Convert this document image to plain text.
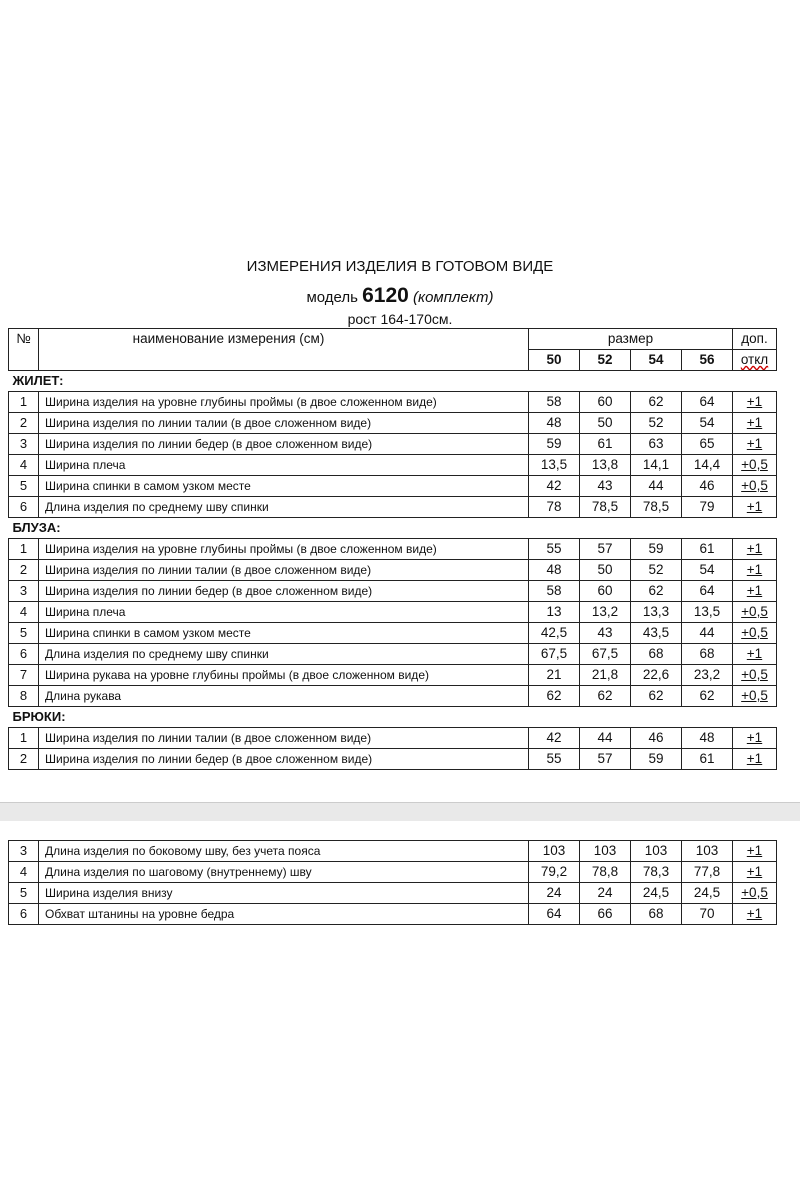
ИЗМЕРЕНИЯ ИЗДЕЛИЯ В ГОТОВОМ ВИДЕ
модель 6120 (комплект)
рост 164-170см.
№	наименование измерения (см)	размер				доп.
		50	52	54	56	откл
ЖИЛЕТ:						
1	Ширина изделия на уровне глубины проймы (в двое сложенном виде)	58	60	62	64	+1
2	Ширина изделия по линии талии (в двое сложенном виде)	48	50	52	54	+1
3	Ширина изделия по линии бедер (в двое сложенном виде)	59	61	63	65	+1
4	Ширина плеча	13,5	13,8	14,1	14,4	+0,5
5	Ширина спинки в самом узком месте	42	43	44	46	+0,5
6	Длина изделия по среднему шву спинки	78	78,5	78,5	79	+1
БЛУЗА:						
1	Ширина изделия на уровне глубины проймы (в двое сложенном виде)	55	57	59	61	+1
2	Ширина изделия по линии талии (в двое сложенном виде)	48	50	52	54	+1
3	Ширина изделия по линии бедер (в двое сложенном виде)	58	60	62	64	+1
4	Ширина плеча	13	13,2	13,3	13,5	+0,5
5	Ширина спинки в самом узком месте	42,5	43	43,5	44	+0,5
6	Длина изделия по среднему шву спинки	67,5	67,5	68	68	+1
7	Ширина рукава на уровне глубины проймы (в двое сложенном виде)	21	21,8	22,6	23,2	+0,5
8	Длина рукава	62	62	62	62	+0,5
БРЮКИ:						
1	Ширина изделия по линии талии (в двое сложенном виде)	42	44	46	48	+1
2	Ширина изделия по линии бедер (в двое сложенном виде)	55	57	59	61	+1
3	Длина изделия по боковому шву, без учета пояса	103	103	103	103	+1
4	Длина изделия по шаговому (внутреннему) шву	79,2	78,8	78,3	77,8	+1
5	Ширина изделия внизу	24	24	24,5	24,5	+0,5
6	Обхват штанины на уровне бедра	64	66	68	70	+1
